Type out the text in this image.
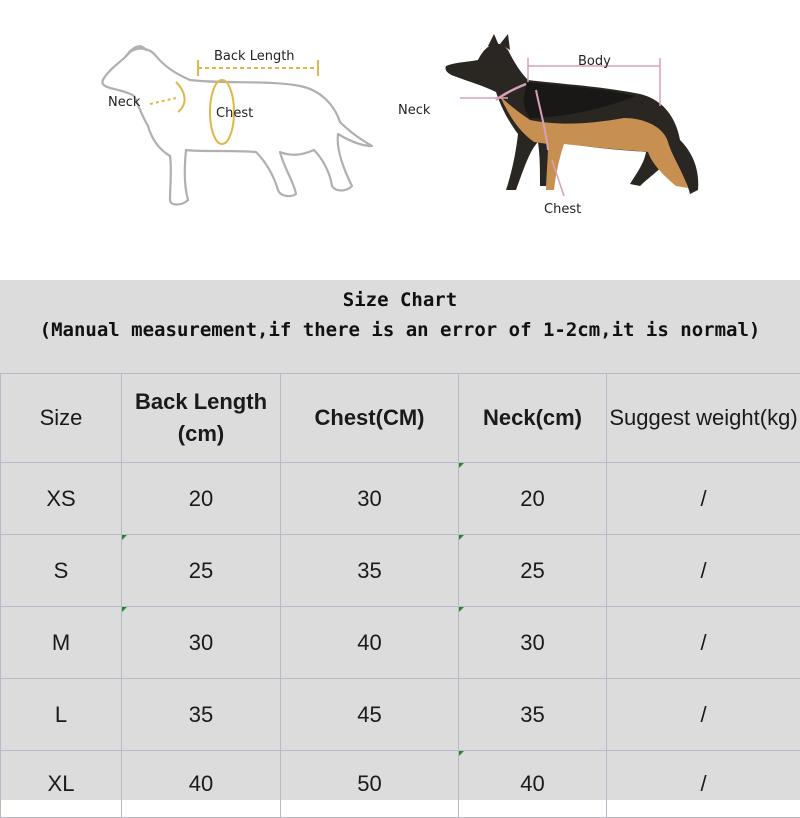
Back Length
Neck
Chest
Body
Neck
Chest
Size Chart
(Manual measurement,if there is an error of 1-2cm,it is normal)
Size	Back Length (cm)	Chest(CM)	Neck(cm)	Suggest weight(kg)
XS	20	30	20	/
S	25	35	25	/
M	30	40	30	/
L	35	45	35	/
XL	40	50	40	/
